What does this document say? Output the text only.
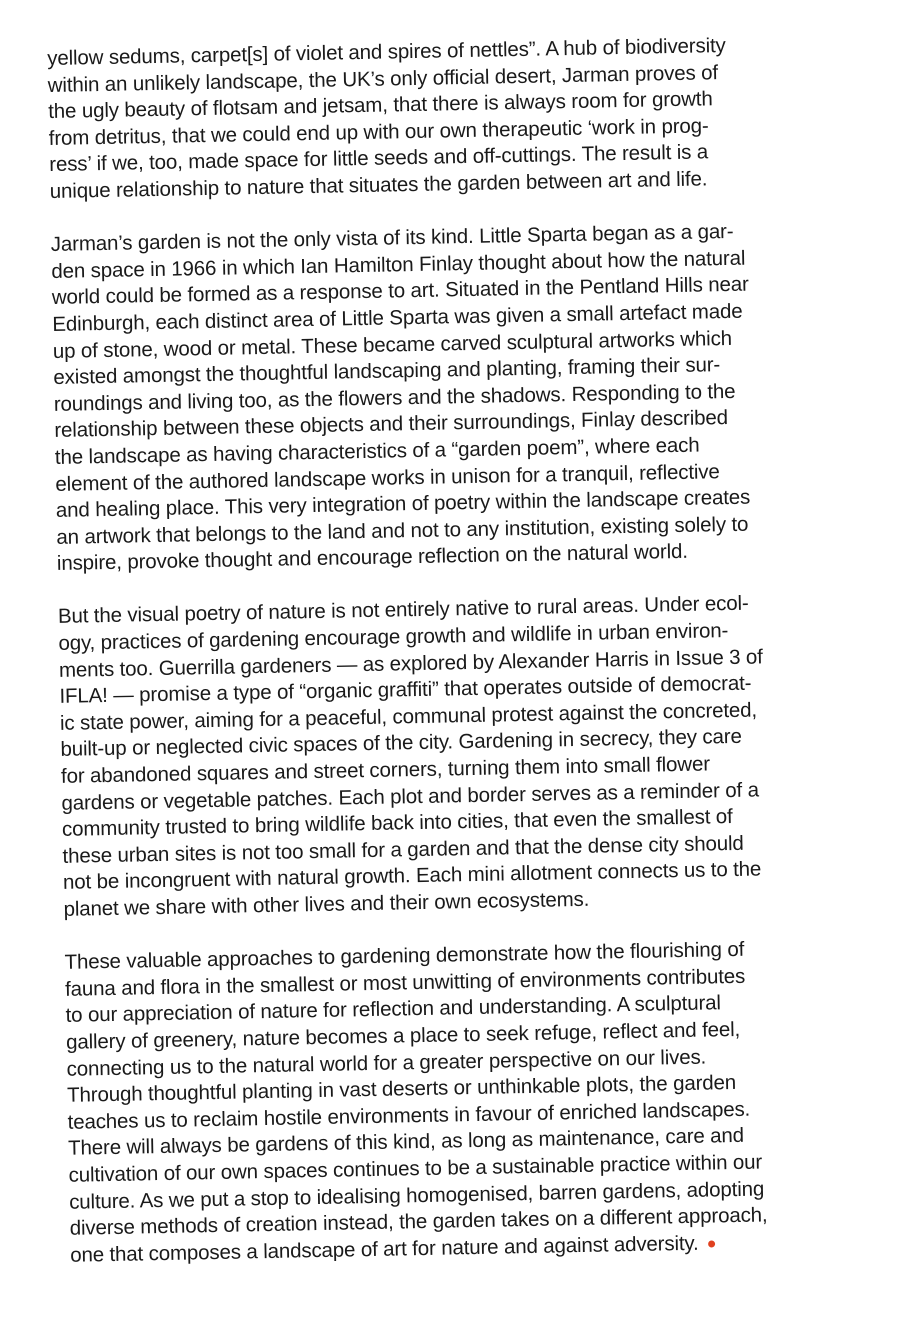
yellow sedums, carpet[s] of violet and spires of nettles”. A hub of biodiversity
within an unlikely landscape, the UK’s only official desert, Jarman proves of
the ugly beauty of flotsam and jetsam, that there is always room for growth
from detritus, that we could end up with our own therapeutic ‘work in prog-
ress’ if we, too, made space for little seeds and off-cuttings. The result is a
unique relationship to nature that situates the garden between art and life.
Jarman’s garden is not the only vista of its kind. Little Sparta began as a gar-
den space in 1966 in which Ian Hamilton Finlay thought about how the natural
world could be formed as a response to art. Situated in the Pentland Hills near
Edinburgh, each distinct area of Little Sparta was given a small artefact made
up of stone, wood or metal. These became carved sculptural artworks which
existed amongst the thoughtful landscaping and planting, framing their sur-
roundings and living too, as the flowers and the shadows. Responding to the
relationship between these objects and their surroundings, Finlay described
the landscape as having characteristics of a “garden poem”, where each
element of the authored landscape works in unison for a tranquil, reflective
and healing place. This very integration of poetry within the landscape creates
an artwork that belongs to the land and not to any institution, existing solely to
inspire, provoke thought and encourage reflection on the natural world.
But the visual poetry of nature is not entirely native to rural areas. Under ecol-
ogy, practices of gardening encourage growth and wildlife in urban environ-
ments too. Guerrilla gardeners — as explored by Alexander Harris in Issue 3 of
IFLA! — promise a type of “organic graffiti” that operates outside of democrat-
ic state power, aiming for a peaceful, communal protest against the concreted,
built-up or neglected civic spaces of the city. Gardening in secrecy, they care
for abandoned squares and street corners, turning them into small flower
gardens or vegetable patches. Each plot and border serves as a reminder of a
community trusted to bring wildlife back into cities, that even the smallest of
these urban sites is not too small for a garden and that the dense city should
not be incongruent with natural growth. Each mini allotment connects us to the
planet we share with other lives and their own ecosystems.
These valuable approaches to gardening demonstrate how the flourishing of
fauna and flora in the smallest or most unwitting of environments contributes
to our appreciation of nature for reflection and understanding. A sculptural
gallery of greenery, nature becomes a place to seek refuge, reflect and feel,
connecting us to the natural world for a greater perspective on our lives.
Through thoughtful planting in vast deserts or unthinkable plots, the garden
teaches us to reclaim hostile environments in favour of enriched landscapes.
There will always be gardens of this kind, as long as maintenance, care and
cultivation of our own spaces continues to be a sustainable practice within our
culture. As we put a stop to idealising homogenised, barren gardens, adopting
diverse methods of creation instead, the garden takes on a different approach,
one that composes a landscape of art for nature and against adversity.
